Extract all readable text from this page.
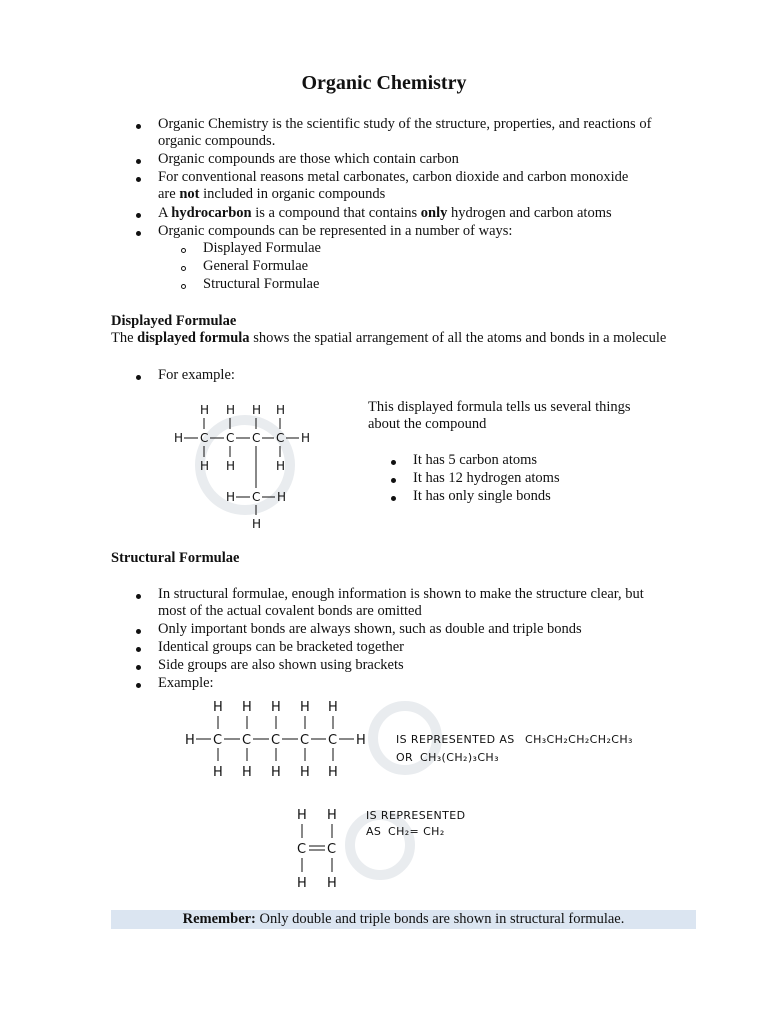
Organic Chemistry
Organic Chemistry is the scientific study of the structure, properties, and reactions of
organic compounds.
Organic compounds are those which contain carbon
For conventional reasons metal carbonates, carbon dioxide and carbon monoxide
are not included in organic compounds
A hydrocarbon is a compound that contains only hydrogen and carbon atoms
Organic compounds can be represented in a number of ways:
Displayed Formulae
General Formulae
Structural Formulae
Displayed Formulae
The displayed formula shows the spatial arrangement of all the atoms and bonds in a molecule
For example:
H H H H
H C C C C H
H H	H
H C H
H
This displayed formula tells us several things
about the compound
It has 5 carbon atoms
It has 12 hydrogen atoms
It has only single bonds
Structural Formulae
In structural formulae, enough information is shown to make the structure clear, but
most of the actual covalent bonds are omitted
Only important bonds are always shown, such as double and triple bonds
Identical groups can be bracketed together
Side groups are also shown using brackets
Example:
H H H H H
H C C C C C H
H H H H H
IS REPRESENTED AS CH₃CH₂CH₂CH₂CH₃
OR CH₃(CH₂)₃CH₃
H H
C C
H H
IS REPRESENTED
AS CH₂= CH₂
Remember: Only double and triple bonds are shown in structural formulae.
